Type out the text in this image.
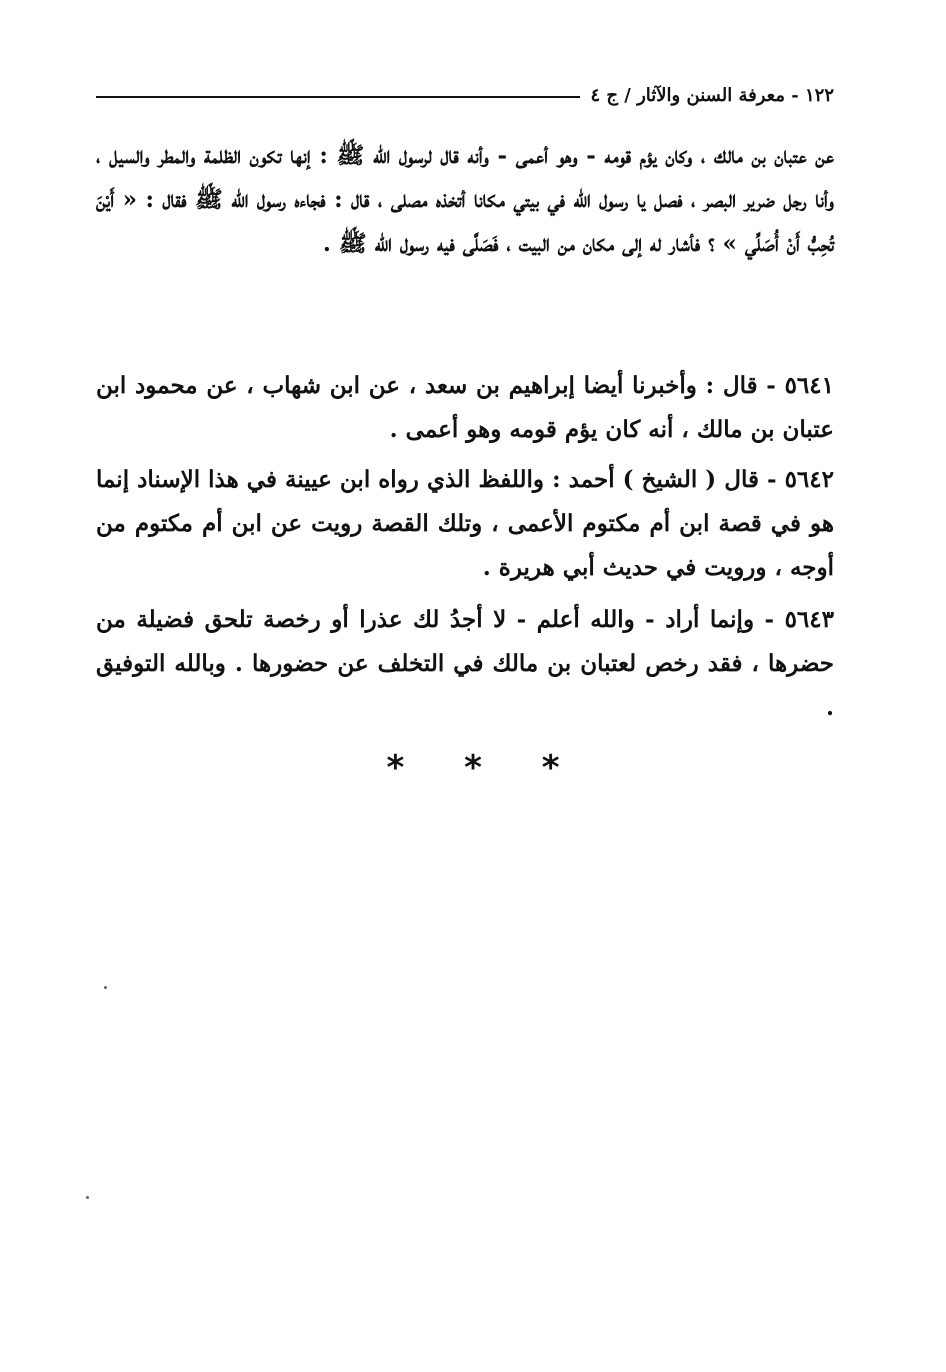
١٢٢ - معرفة السنن والآثار / ج ٤

عن عتبان بن مالك ، وكان يؤم قومه - وهو أعمى - وأنه قال لرسول الله ﷺ : إنها تكون الظلمة والمطر والسيل ، وأنا رجل ضرير البصر ، فصل يا رسول الله في بيتي مكانا أتخذه مصلى ، قال : فجاءه رسول الله ﷺ فقال : « أَيْنَ تُحِبُّ أَنْ أُصَلِّي » ؟ فأشار له إلى مكان من البيت ، فَصَلَّى فيه رسول الله ﷺ .

٥٦٤١ - قال : وأخبرنا أيضا إبراهيم بن سعد ، عن ابن شهاب ، عن محمود ابن عتبان بن مالك ، أنه كان يؤم قومه وهو أعمى .

٥٦٤٢ - قال ( الشيخ ) أحمد : واللفظ الذي رواه ابن عيينة في هذا الإسناد إنما هو في قصة ابن أم مكتوم الأعمى ، وتلك القصة رويت عن ابن أم مكتوم من أوجه ، ورويت في حديث أبي هريرة .

٥٦٤٣ - وإنما أراد - والله أعلم - لا أجدُ لك عذرا أو رخصة تلحق فضيلة من حضرها ، فقد رخص لعتبان بن مالك في التخلف عن حضورها . وبالله التوفيق .

* * *
